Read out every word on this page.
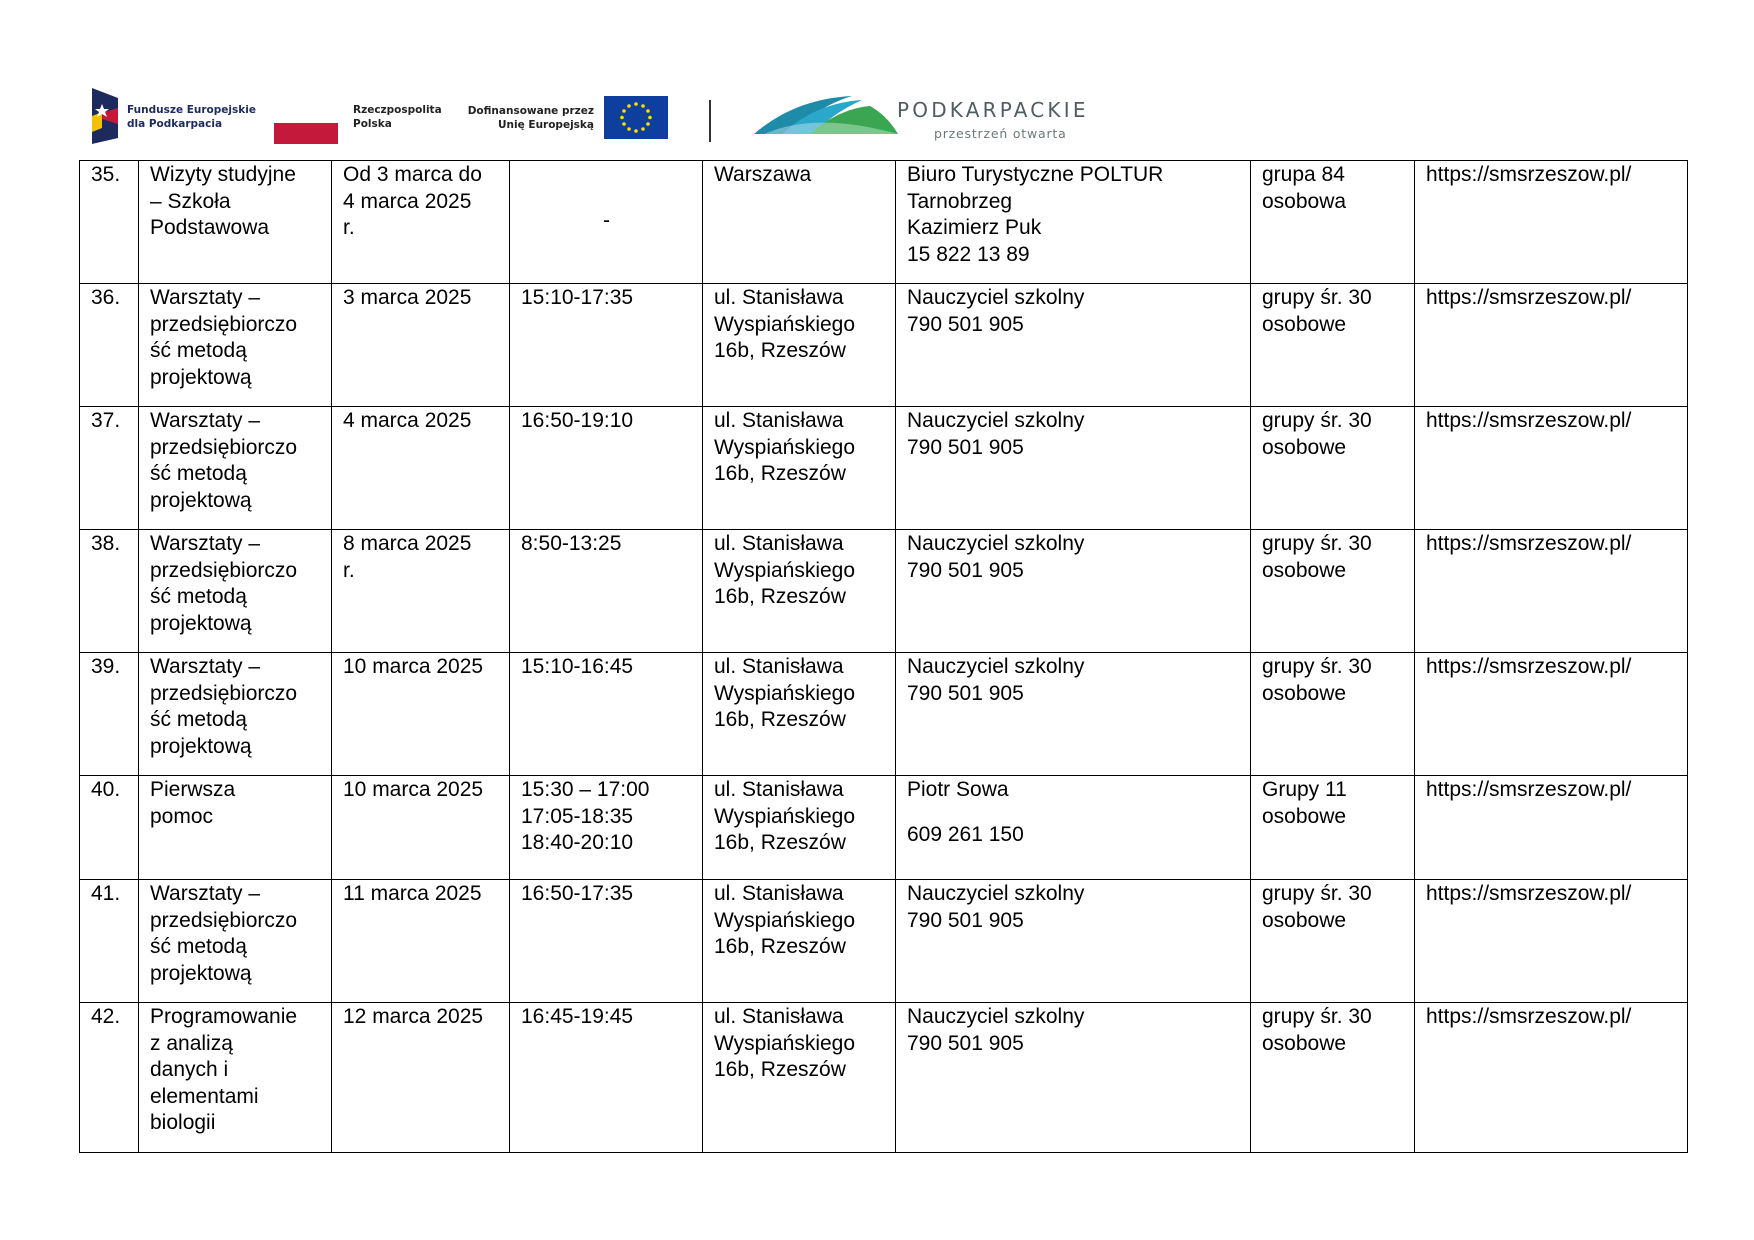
Fundusze Europejskie
dla Podkarpacia
Rzeczpospolita
Polska
Dofinansowane przez
Unię Europejską
PODKARPACKIE
przestrzeń otwarta
35.	Wizyty studyjne
– Szkoła
Podstawowa	Od 3 marca do
4 marca 2025
r.	-	Warszawa	Biuro Turystyczne POLTUR
Tarnobrzeg
Kazimierz Puk
15 822 13 89	grupa 84
osobowa	https://smsrzeszow.pl/

36.	Warsztaty –
przedsiębiorczo
ść metodą
projektową	3 marca 2025	15:10-17:35	ul. Stanisława
Wyspiańskiego
16b, Rzeszów	Nauczyciel szkolny
790 501 905	grupy śr. 30
osobowe	https://smsrzeszow.pl/

37.	Warsztaty –
przedsiębiorczo
ść metodą
projektową	4 marca 2025	16:50-19:10	ul. Stanisława
Wyspiańskiego
16b, Rzeszów	Nauczyciel szkolny
790 501 905	grupy śr. 30
osobowe	https://smsrzeszow.pl/

38.	Warsztaty –
przedsiębiorczo
ść metodą
projektową	8 marca 2025
r.	8:50-13:25	ul. Stanisława
Wyspiańskiego
16b, Rzeszów	Nauczyciel szkolny
790 501 905	grupy śr. 30
osobowe	https://smsrzeszow.pl/

39.	Warsztaty –
przedsiębiorczo
ść metodą
projektową	10 marca 2025	15:10-16:45	ul. Stanisława
Wyspiańskiego
16b, Rzeszów	Nauczyciel szkolny
790 501 905	grupy śr. 30
osobowe	https://smsrzeszow.pl/

40.	Pierwsza
pomoc	10 marca 2025	15:30 – 17:00
17:05-18:35
18:40-20:10	ul. Stanisława
Wyspiańskiego
16b, Rzeszów	Piotr Sowa
609 261 150	Grupy 11
osobowe	https://smsrzeszow.pl/

41.	Warsztaty –
przedsiębiorczo
ść metodą
projektową	11 marca 2025	16:50-17:35	ul. Stanisława
Wyspiańskiego
16b, Rzeszów	Nauczyciel szkolny
790 501 905	grupy śr. 30
osobowe	https://smsrzeszow.pl/

42.	Programowanie
z analizą
danych i
elementami
biologii	12 marca 2025	16:45-19:45	ul. Stanisława
Wyspiańskiego
16b, Rzeszów	Nauczyciel szkolny
790 501 905	grupy śr. 30
osobowe	https://smsrzeszow.pl/
